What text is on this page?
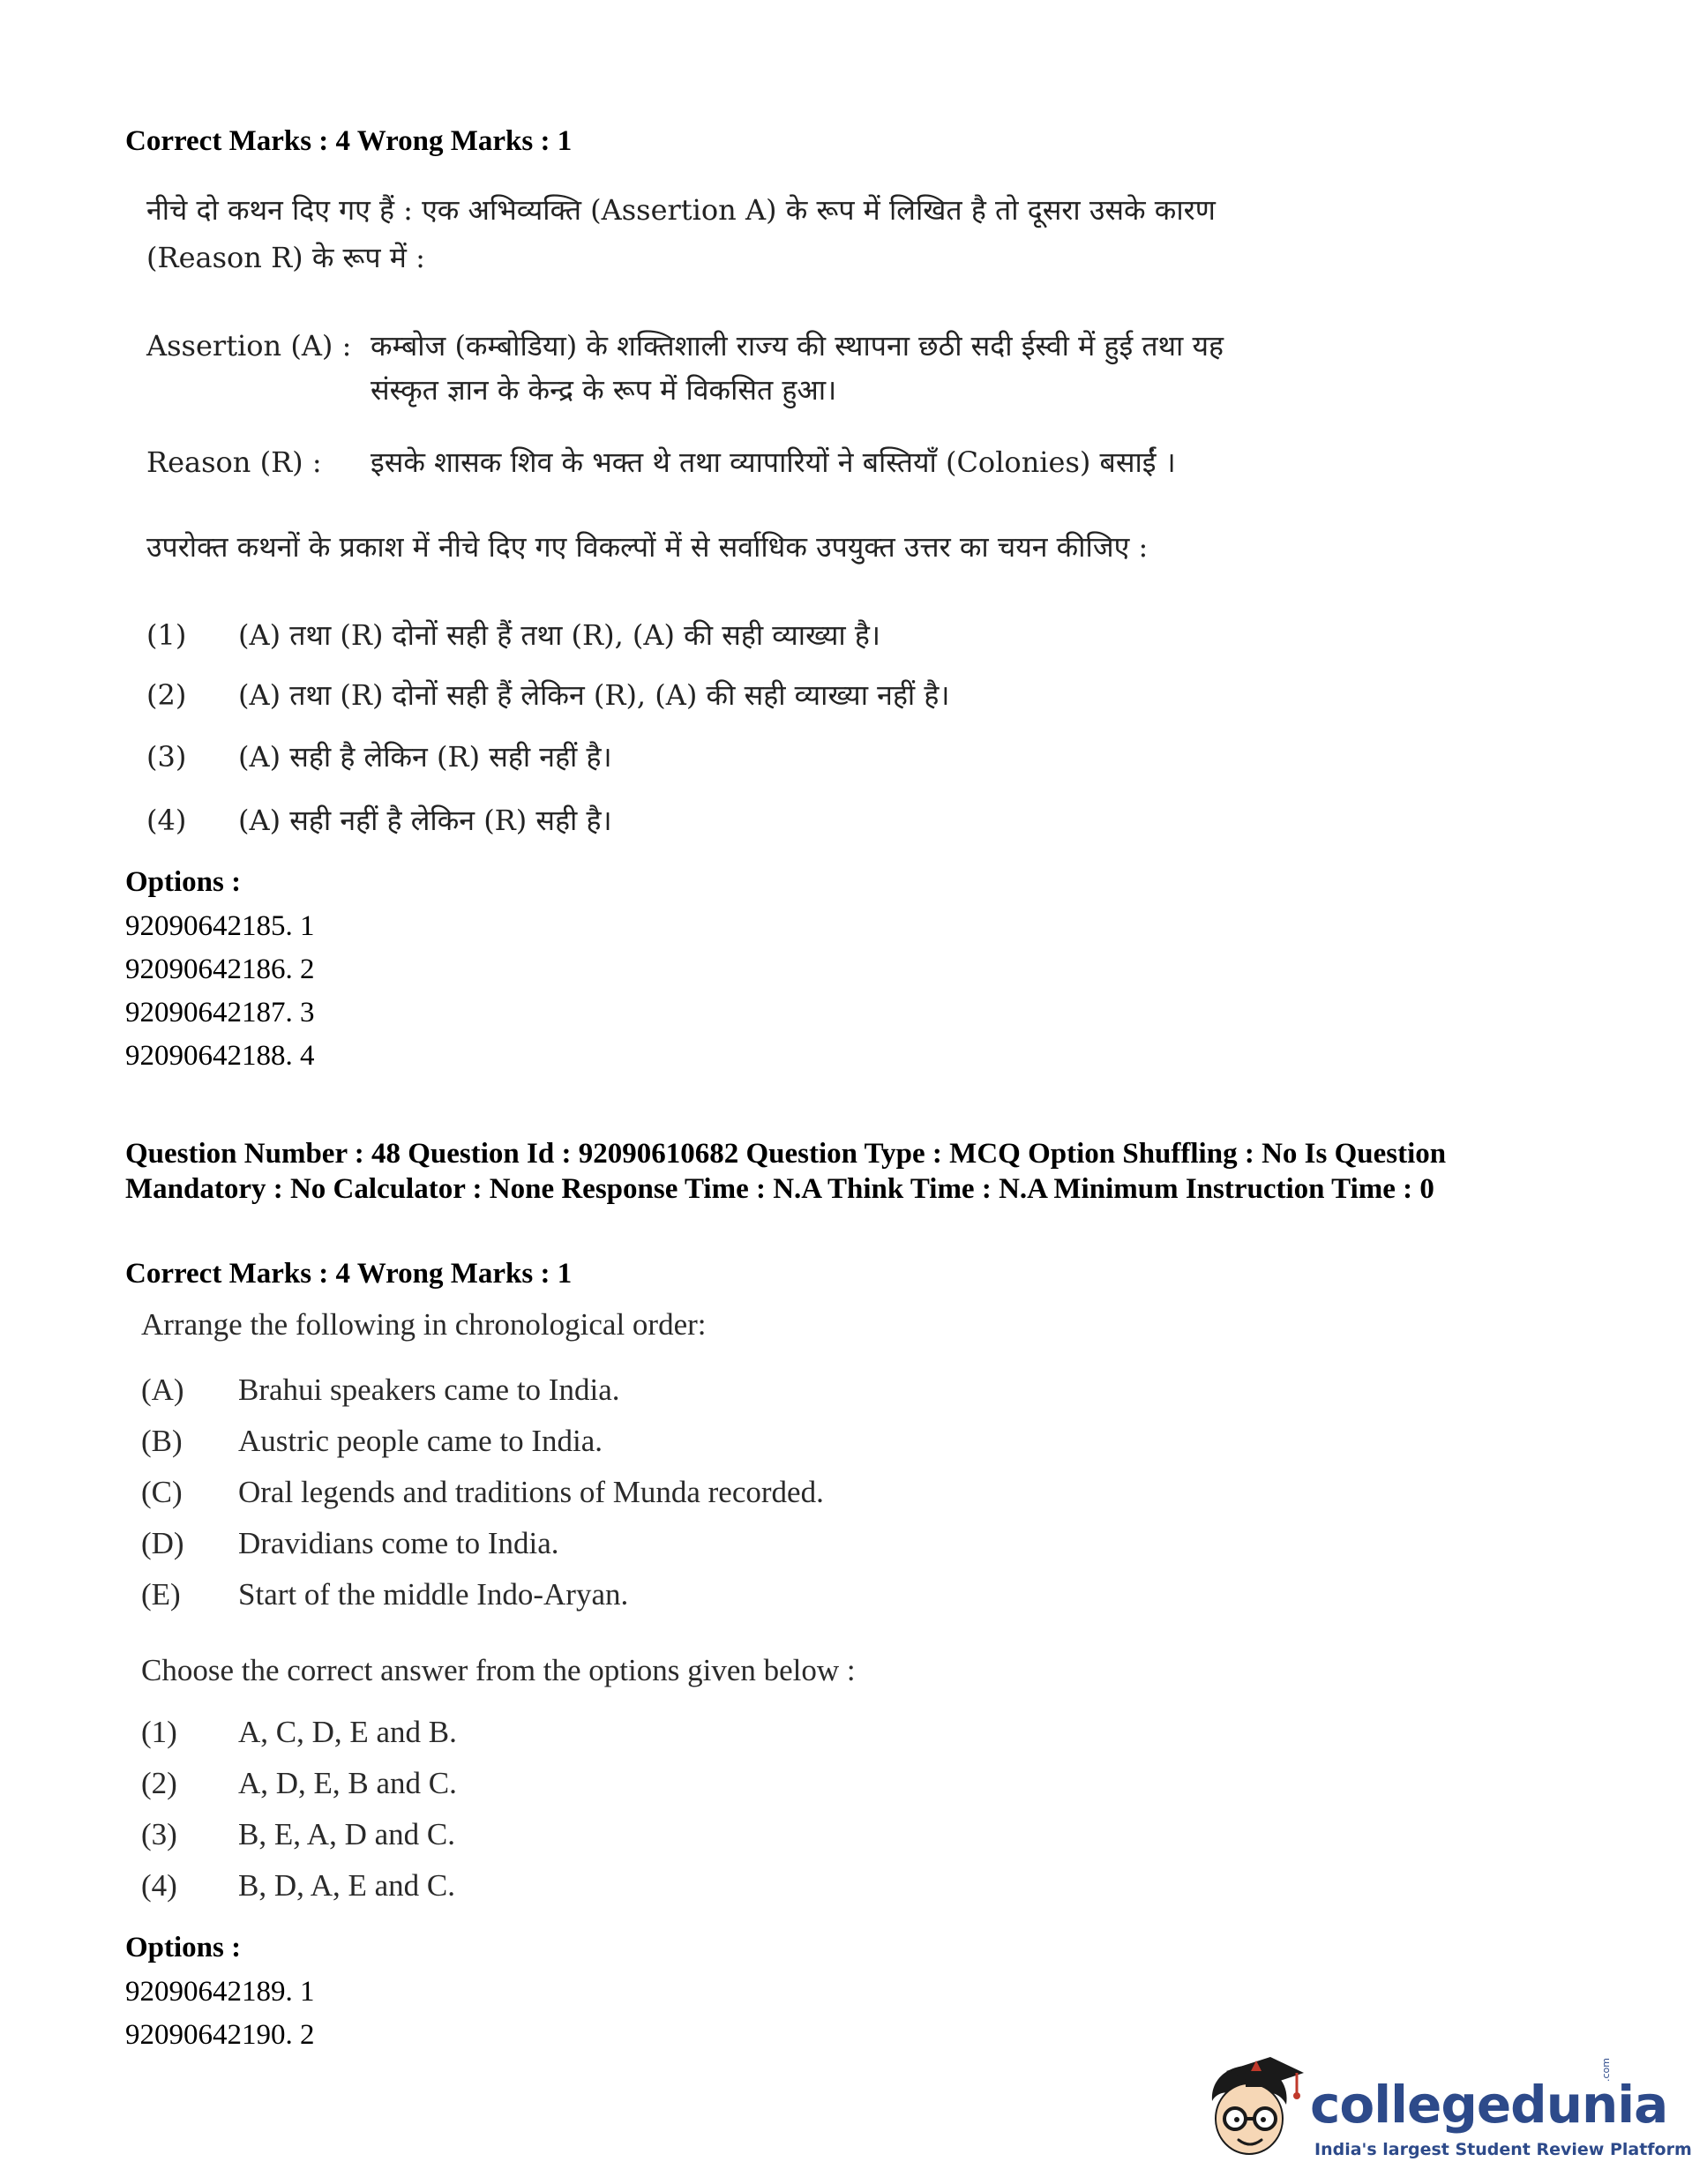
Correct Marks : 4 Wrong Marks : 1
नीचे दो कथन दिए गए हैं : एक अभिव्यक्ति (Assertion A) के रूप में लिखित है तो दूसरा उसके कारण
(Reason R) के रूप में :
Assertion (A) : कम्बोज (कम्बोडिया) के शक्तिशाली राज्य की स्थापना छठी सदी ईस्वी में हुई तथा यह
संस्कृत ज्ञान के केन्द्र के रूप में विकसित हुआ।
Reason (R) : इसके शासक शिव के भक्त थे तथा व्यापारियों ने बस्तियाँ (Colonies) बसाईं ।
उपरोक्त कथनों के प्रकाश में नीचे दिए गए विकल्पों में से सर्वाधिक उपयुक्त उत्तर का चयन कीजिए :
(1) (A) तथा (R) दोनों सही हैं तथा (R), (A) की सही व्याख्या है।
(2) (A) तथा (R) दोनों सही हैं लेकिन (R), (A) की सही व्याख्या नहीं है।
(3) (A) सही है लेकिन (R) सही नहीं है।
(4) (A) सही नहीं है लेकिन (R) सही है।
Options :
92090642185. 1
92090642186. 2
92090642187. 3
92090642188. 4
Question Number : 48 Question Id : 92090610682 Question Type : MCQ Option Shuffling : No Is Question Mandatory : No Calculator : None Response Time : N.A Think Time : N.A Minimum Instruction Time : 0
Correct Marks : 4 Wrong Marks : 1
Arrange the following in chronological order:
(A) Brahui speakers came to India.
(B) Austric people came to India.
(C) Oral legends and traditions of Munda recorded.
(D) Dravidians come to India.
(E) Start of the middle Indo-Aryan.
Choose the correct answer from the options given below :
(1) A, C, D, E and B.
(2) A, D, E, B and C.
(3) B, E, A, D and C.
(4) B, D, A, E and C.
Options :
92090642189. 1
92090642190. 2
collegedunia
.com
India's largest Student Review Platform
